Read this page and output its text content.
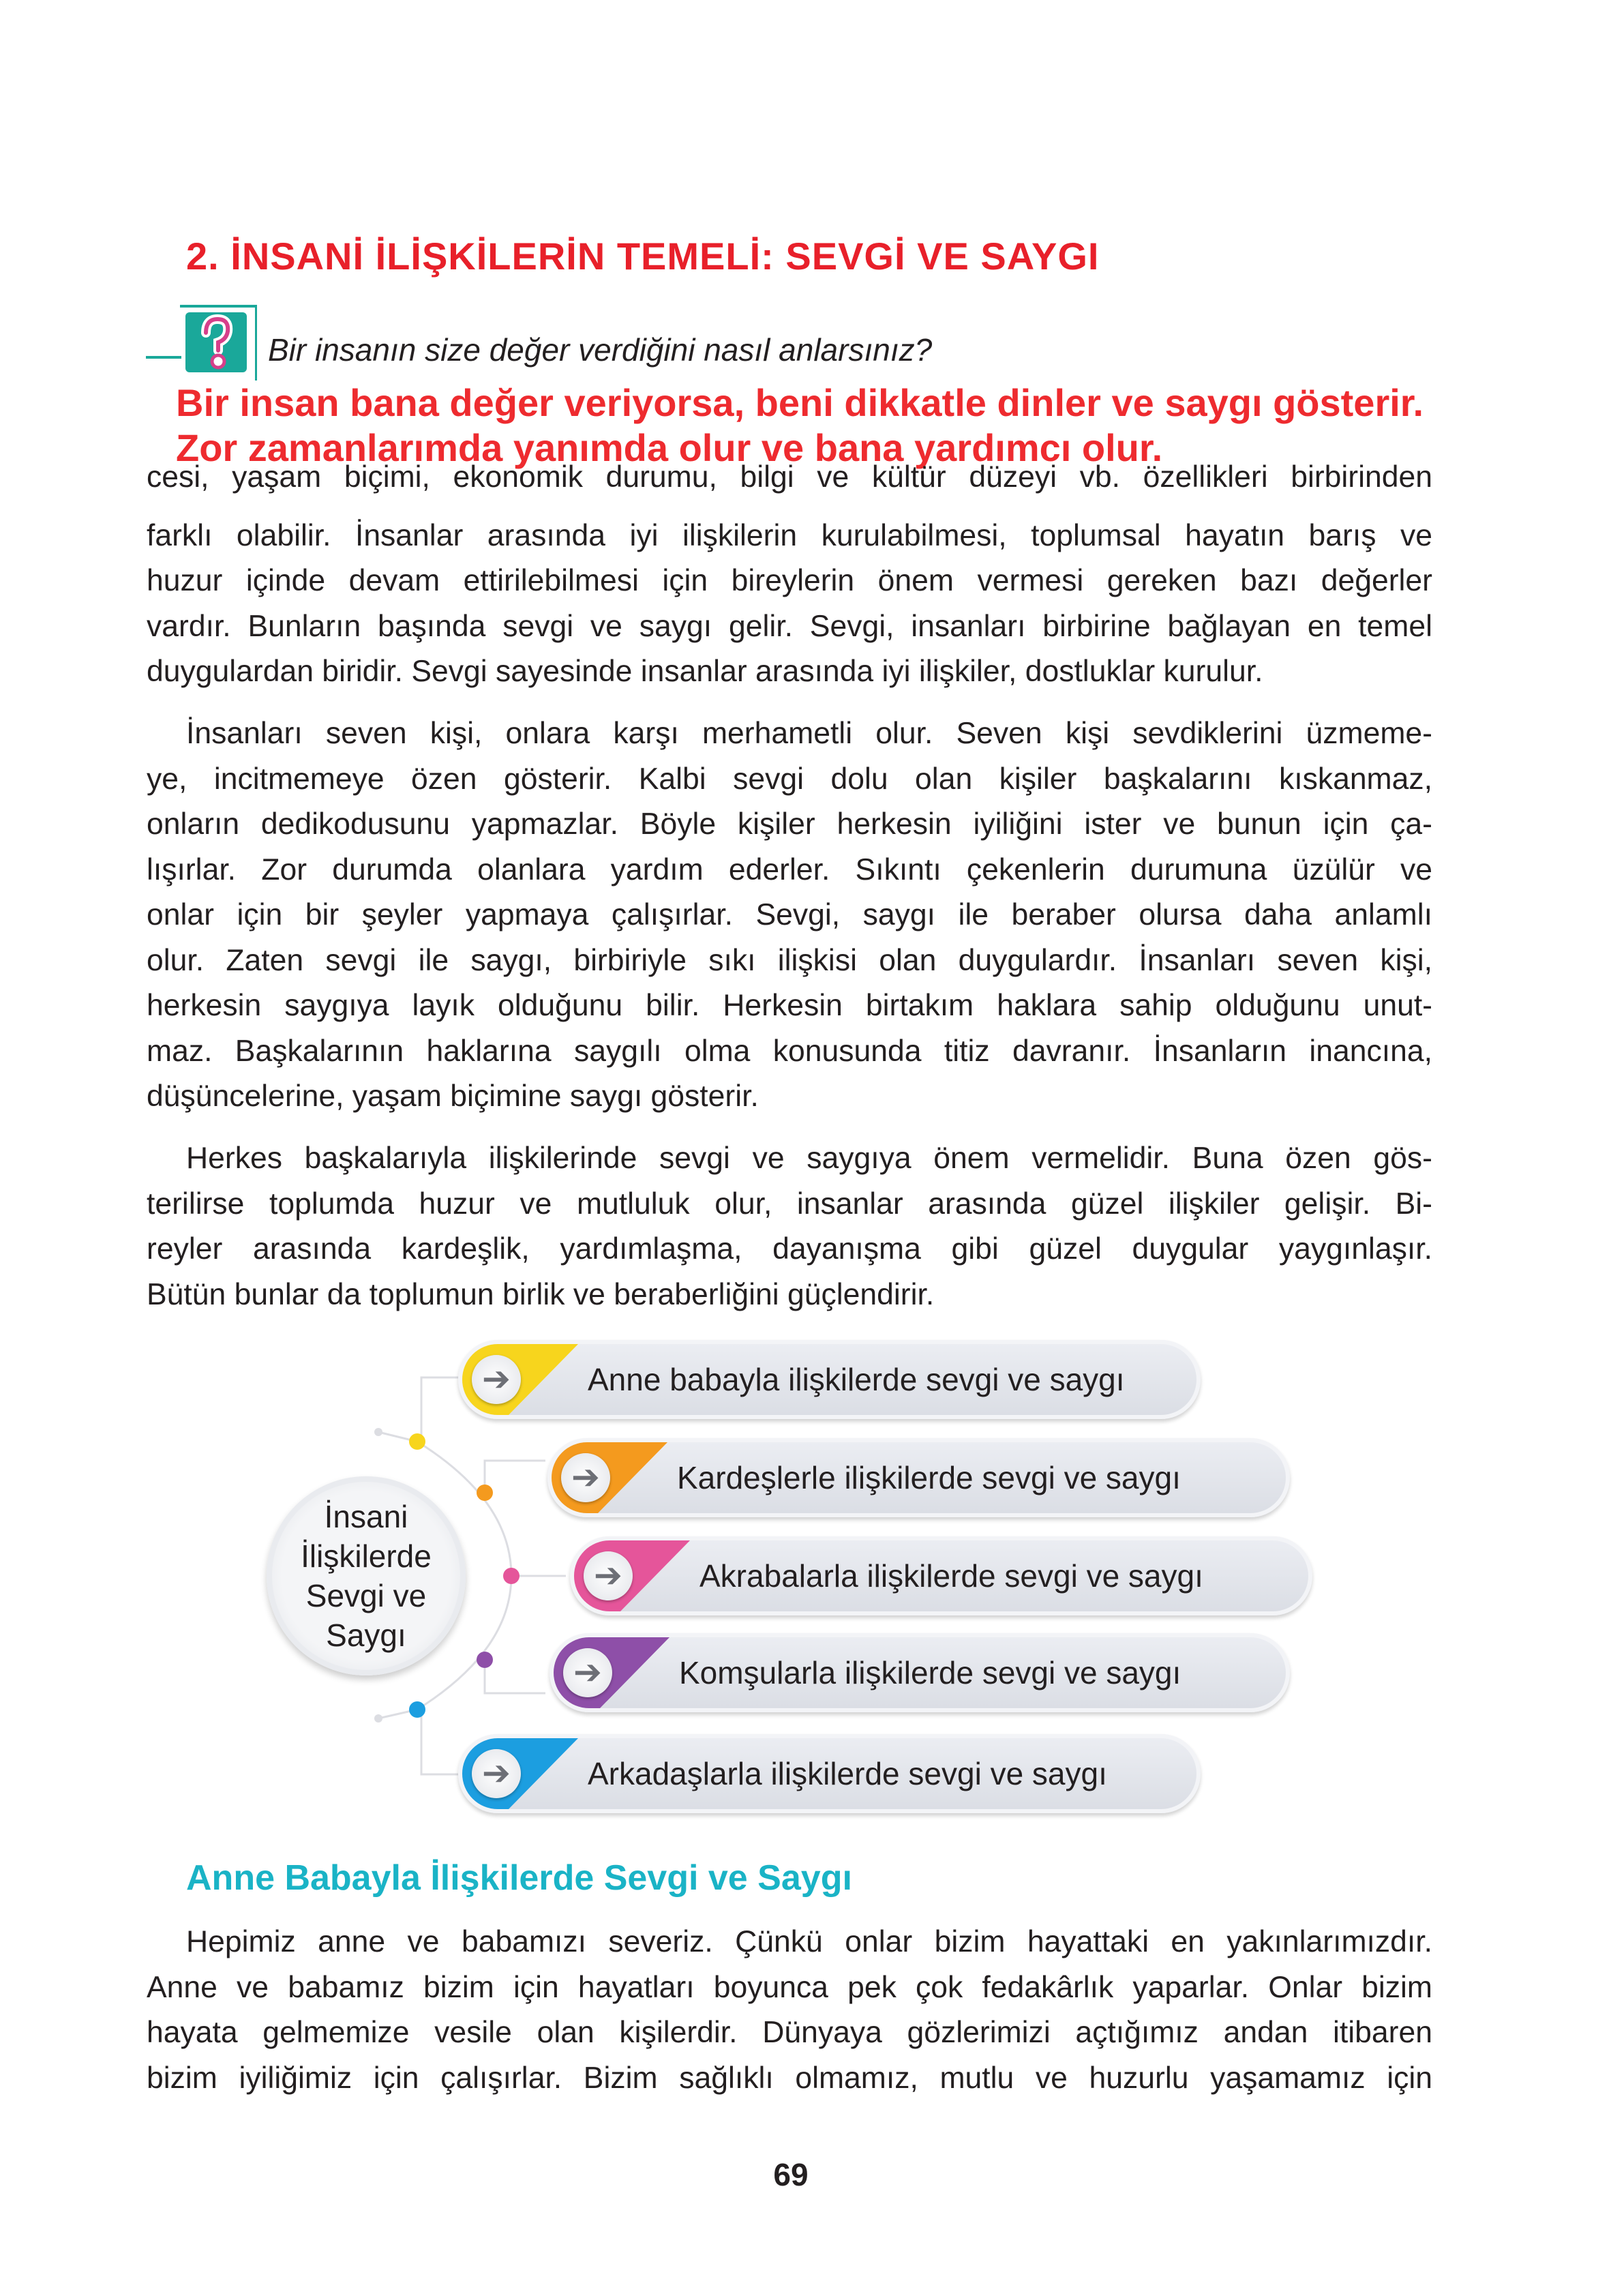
2. İNSANİ İLİŞKİLERİN TEMELİ: SEVGİ VE SAYGI
Bir insanın size değer verdiğini nasıl anlarsınız?
Bir insan bana değer veriyorsa, beni dikkatle dinler ve saygı gösterir.
Zor zamanlarımda yanımda olur ve bana yardımcı olur.
cesi, yaşam biçimi, ekonomik durumu, bilgi ve kültür düzeyi vb. özellikleri birbirinden
farklı olabilir. İnsanlar arasında iyi ilişkilerin kurulabilmesi, toplumsal hayatın barış ve
huzur içinde devam ettirilebilmesi için bireylerin önem vermesi gereken bazı değerler
vardır. Bunların başında sevgi ve saygı gelir. Sevgi, insanları birbirine bağlayan en temel
duygulardan biridir. Sevgi sayesinde insanlar arasında iyi ilişkiler, dostluklar kurulur.
İnsanları seven kişi, onlara karşı merhametli olur. Seven kişi sevdiklerini üzmeme-
ye, incitmemeye özen gösterir. Kalbi sevgi dolu olan kişiler başkalarını kıskanmaz,
onların dedikodusunu yapmazlar. Böyle kişiler herkesin iyiliğini ister ve bunun için ça-
lışırlar. Zor durumda olanlara yardım ederler. Sıkıntı çekenlerin durumuna üzülür ve
onlar için bir şeyler yapmaya çalışırlar. Sevgi, saygı ile beraber olursa daha anlamlı
olur. Zaten sevgi ile saygı, birbiriyle sıkı ilişkisi olan duygulardır. İnsanları seven kişi,
herkesin saygıya layık olduğunu bilir. Herkesin birtakım haklara sahip olduğunu unut-
maz. Başkalarının haklarına saygılı olma konusunda titiz davranır. İnsanların inancına,
düşüncelerine, yaşam biçimine saygı gösterir.
Herkes başkalarıyla ilişkilerinde sevgi ve saygıya önem vermelidir. Buna özen gös-
terilirse toplumda huzur ve mutluluk olur, insanlar arasında güzel ilişkiler gelişir. Bi-
reyler arasında kardeşlik, yardımlaşma, dayanışma gibi güzel duygular yaygınlaşır.
Bütün bunlar da toplumun birlik ve beraberliğini güçlendirir.
İnsani İlişkilerde Sevgi ve Saygı
➔	Anne babayla ilişkilerde sevgi ve saygı
➔	Kardeşlerle ilişkilerde sevgi ve saygı
➔	Akrabalarla ilişkilerde sevgi ve saygı
➔	Komşularla ilişkilerde sevgi ve saygı
➔	Arkadaşlarla ilişkilerde sevgi ve saygı
Anne Babayla İlişkilerde Sevgi ve Saygı
Hepimiz anne ve babamızı severiz. Çünkü onlar bizim hayattaki en yakınlarımızdır.
Anne ve babamız bizim için hayatları boyunca pek çok fedakârlık yaparlar. Onlar bizim
hayata gelmemize vesile olan kişilerdir. Dünyaya gözlerimizi açtığımız andan itibaren
bizim iyiliğimiz için çalışırlar. Bizim sağlıklı olmamız, mutlu ve huzurlu yaşamamız için
69
